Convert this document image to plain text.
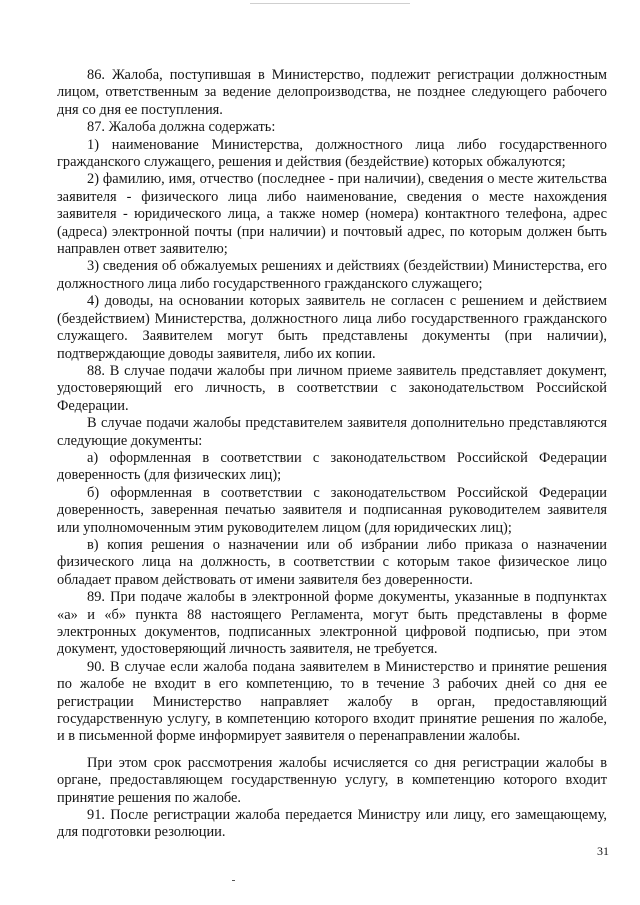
86. Жалоба, поступившая в Министерство, подлежит регистрации должностным лицом, ответственным за ведение делопроизводства, не позднее следующего рабочего дня со дня ее поступления.

87. Жалоба должна содержать:

1) наименование Министерства, должностного лица либо государственного гражданского служащего, решения и действия (бездействие) которых обжалуются;

2) фамилию, имя, отчество (последнее - при наличии), сведения о месте жительства заявителя - физического лица либо наименование, сведения о месте нахождения заявителя - юридического лица, а также номер (номера) контактного телефона, адрес (адреса) электронной почты (при наличии) и почтовый адрес, по которым должен быть направлен ответ заявителю;

3) сведения об обжалуемых решениях и действиях (бездействии) Министерства, его должностного лица либо государственного гражданского служащего;

4) доводы, на основании которых заявитель не согласен с решением и действием (бездействием) Министерства, должностного лица либо государственного гражданского служащего. Заявителем могут быть представлены документы (при наличии), подтверждающие доводы заявителя, либо их копии.

88. В случае подачи жалобы при личном приеме заявитель представляет документ, удостоверяющий его личность, в соответствии с законодательством Российской Федерации.

В случае подачи жалобы представителем заявителя дополнительно представляются следующие документы:

а) оформленная в соответствии с законодательством Российской Федерации доверенность (для физических лиц);

б) оформленная в соответствии с законодательством Российской Федерации доверенность, заверенная печатью заявителя и подписанная руководителем заявителя или уполномоченным этим руководителем лицом (для юридических лиц);

в) копия решения о назначении или об избрании либо приказа о назначении физического лица на должность, в соответствии с которым такое физическое лицо обладает правом действовать от имени заявителя без доверенности.

89. При подаче жалобы в электронной форме документы, указанные в подпунктах «а» и «б» пункта 88 настоящего Регламента, могут быть представлены в форме электронных документов, подписанных электронной цифровой подписью, при этом документ, удостоверяющий личность заявителя, не требуется.

90. В случае если жалоба подана заявителем в Министерство и принятие решения по жалобе не входит в его компетенцию, то в течение 3 рабочих дней со дня ее регистрации Министерство направляет жалобу в орган, предоставляющий государственную услугу, в компетенцию которого входит принятие решения по жалобе, и в письменной форме информирует заявителя о перенаправлении жалобы.

При этом срок рассмотрения жалобы исчисляется со дня регистрации жалобы в органе, предоставляющем государственную услугу, в компетенцию которого входит принятие решения по жалобе.

91. После регистрации жалоба передается Министру или лицу, его замещающему, для подготовки резолюции.

31
